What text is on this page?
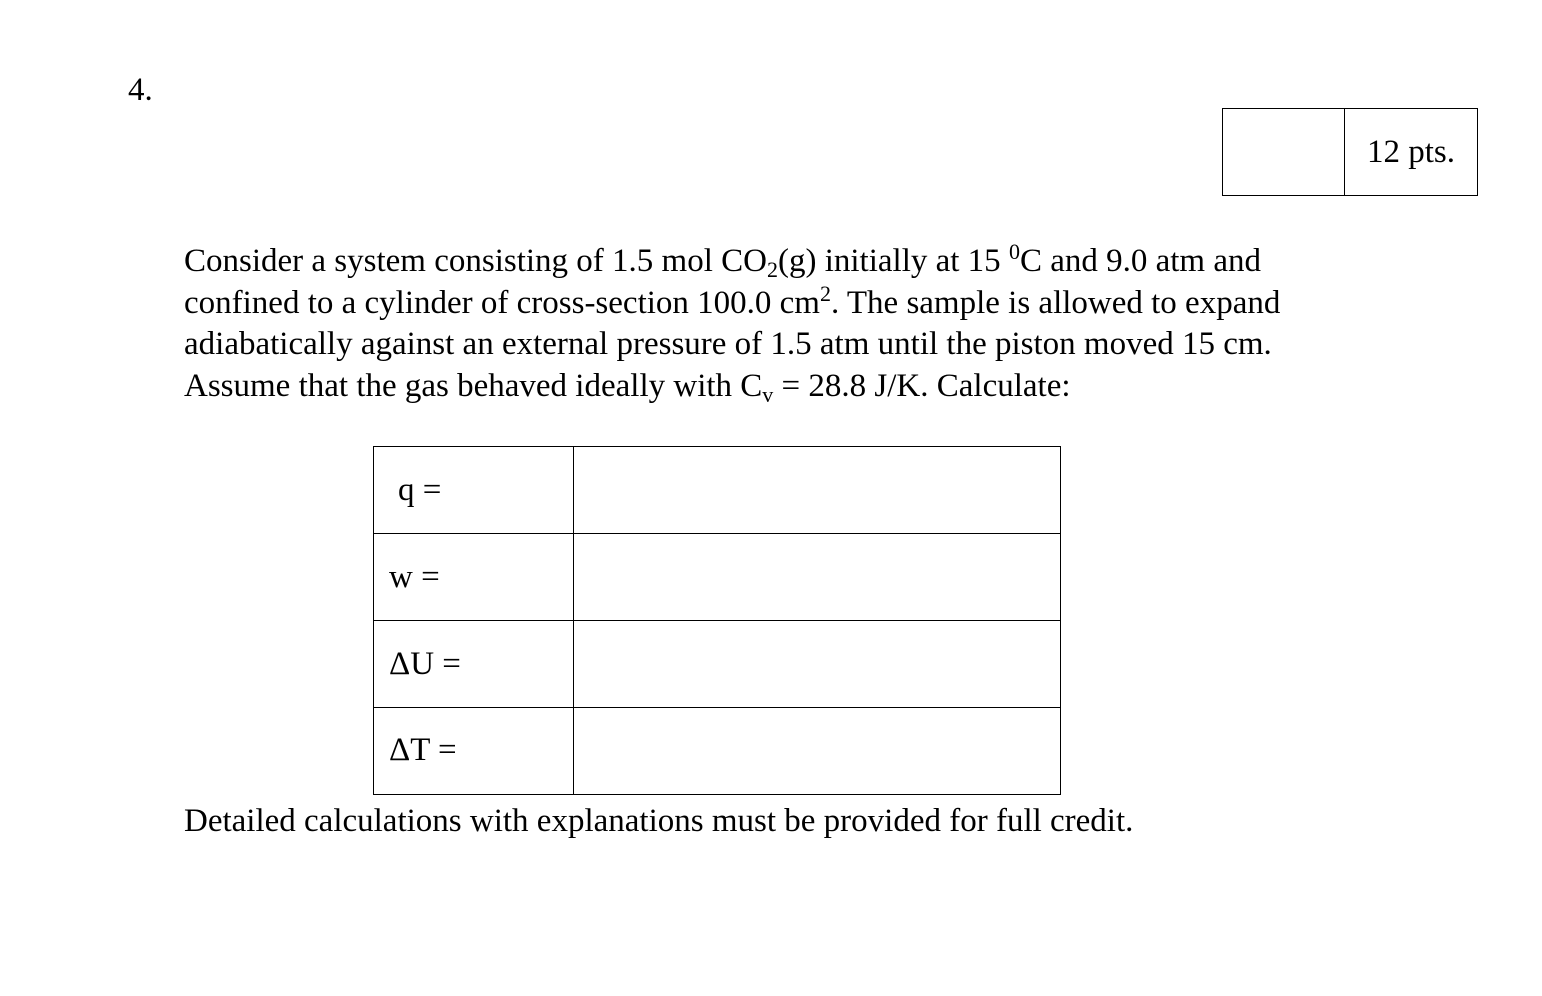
4.
12 pts.
Consider a system consisting of 1.5 mol $CO_2(g)$ initially at 15 $^0$C and 9.0 atm and
confined to a cylinder of cross-section 100.0 $cm^2$. The sample is allowed to expand
adiabatically against an external pressure of 1.5 atm until the piston moved 15 cm.
Assume that the gas behaved ideally with $C_v = 28.8$ J/K. Calculate:
q =	
w =	
ΔU =	
ΔT =	
Detailed calculations with explanations must be provided for full credit.
